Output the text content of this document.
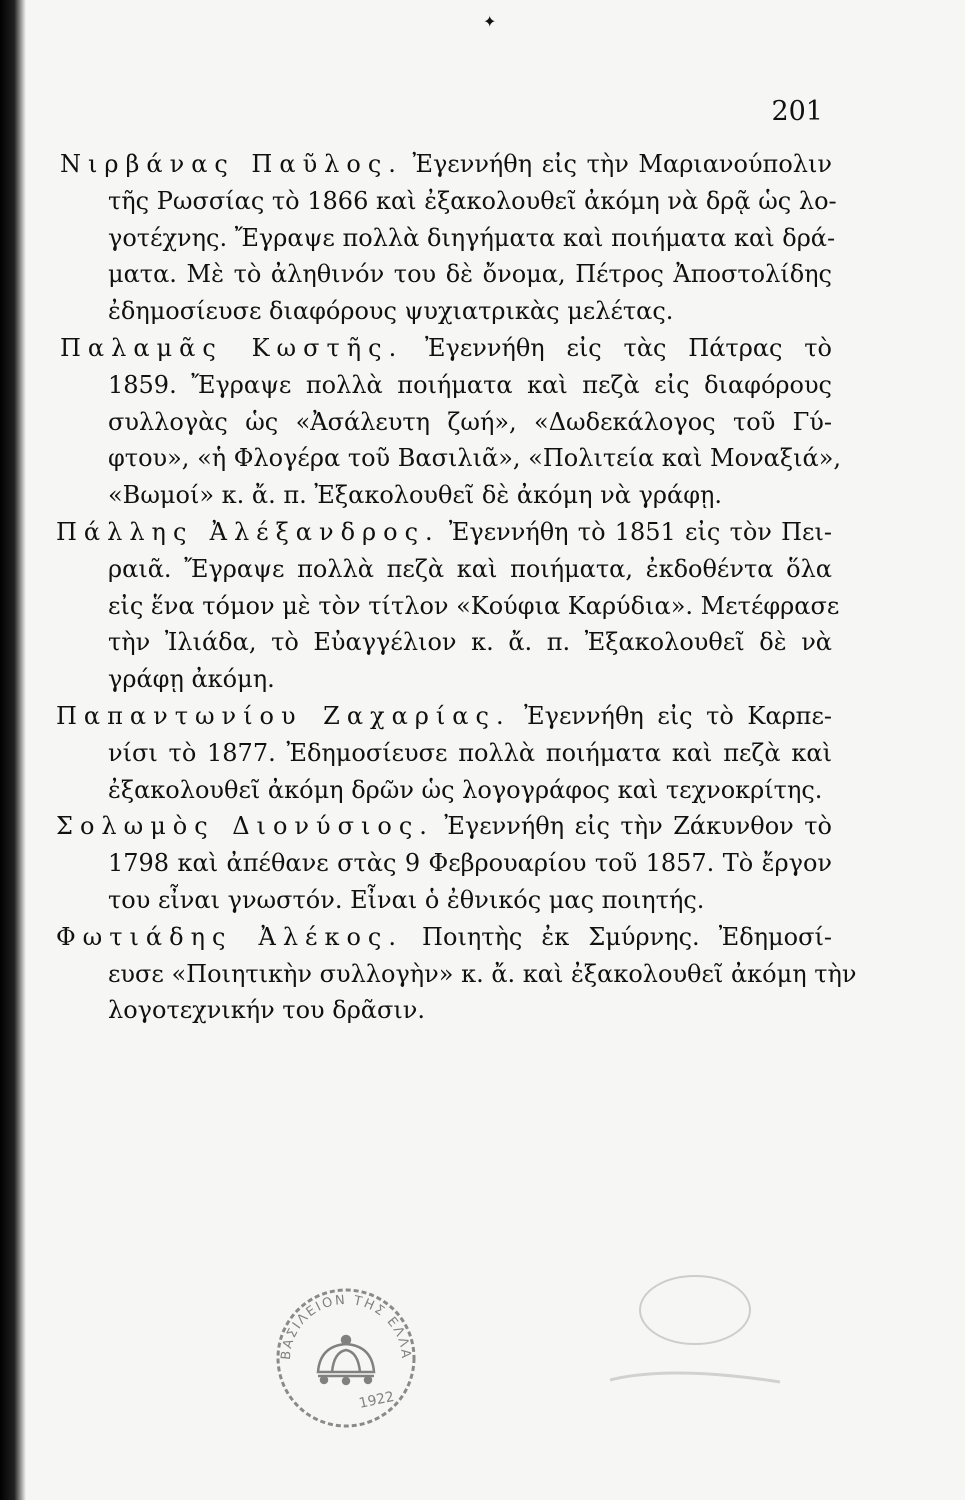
✦
201
Νιρβάνας Παῦλος. Ἐγεννήθη εἰς τὴν Μαριανούπολιν
τῆς Ρωσσίας τὸ 1866 καὶ ἐξακολουθεῖ ἀκόμη νὰ δρᾷ ὡς λο-
γοτέχνης. Ἔγραψε πολλὰ διηγήματα καὶ ποιήματα καὶ δρά-
ματα. Μὲ τὸ ἀληθινόν του δὲ ὄνομα, Πέτρος Ἀποστολίδης
ἐδημοσίευσε διαφόρους ψυχιατρικὰς μελέτας.
Παλαμᾶς Κωστῆς. Ἐγεννήθη εἰς τὰς Πάτρας τὸ
1859. Ἔγραψε πολλὰ ποιήματα καὶ πεζὰ εἰς διαφόρους
συλλογὰς ὡς «Ἀσάλευτη ζωή», «Δωδεκάλογος τοῦ Γύ-
φτου», «ἡ Φλογέρα τοῦ Βασιλιᾶ», «Πολιτεία καὶ Μοναξιά»,
«Βωμοί» κ. ἄ. π. Ἐξακολουθεῖ δὲ ἀκόμη νὰ γράφῃ.
Πάλλης Ἀλέξανδρος. Ἐγεννήθη τὸ 1851 εἰς τὸν Πει-
ραιᾶ. Ἔγραψε πολλὰ πεζὰ καὶ ποιήματα, ἐκδοθέντα ὅλα
εἰς ἕνα τόμον μὲ τὸν τίτλον «Κούφια Καρύδια». Μετέφρασε
τὴν Ἰλιάδα, τὸ Εὐαγγέλιον κ. ἄ. π. Ἐξακολουθεῖ δὲ νὰ
γράφῃ ἀκόμη.
Παπαντωνίου Ζαχαρίας. Ἐγεννήθη εἰς τὸ Καρπε-
νίσι τὸ 1877. Ἐδημοσίευσε πολλὰ ποιήματα καὶ πεζὰ καὶ
ἐξακολουθεῖ ἀκόμη δρῶν ὡς λογογράφος καὶ τεχνοκρίτης.
Σολωμὸς Διονύσιος. Ἐγεννήθη εἰς τὴν Ζάκυνθον τὸ
1798 καὶ ἀπέθανε στὰς 9 Φεβρουαρίου τοῦ 1857. Τὸ ἔργον
του εἶναι γνωστόν. Εἶναι ὁ ἐθνικός μας ποιητής.
Φωτιάδης Ἀλέκος. Ποιητὴς ἐκ Σμύρνης. Ἐδημοσί-
ευσε «Ποιητικὴν συλλογὴν» κ. ἄ. καὶ ἐξακολουθεῖ ἀκόμη τὴν
λογοτεχνικήν του δρᾶσιν.
ΒΑΣΙΛΕΙΟΝ ΤΗΣ ΕΛΛΑ
1922
